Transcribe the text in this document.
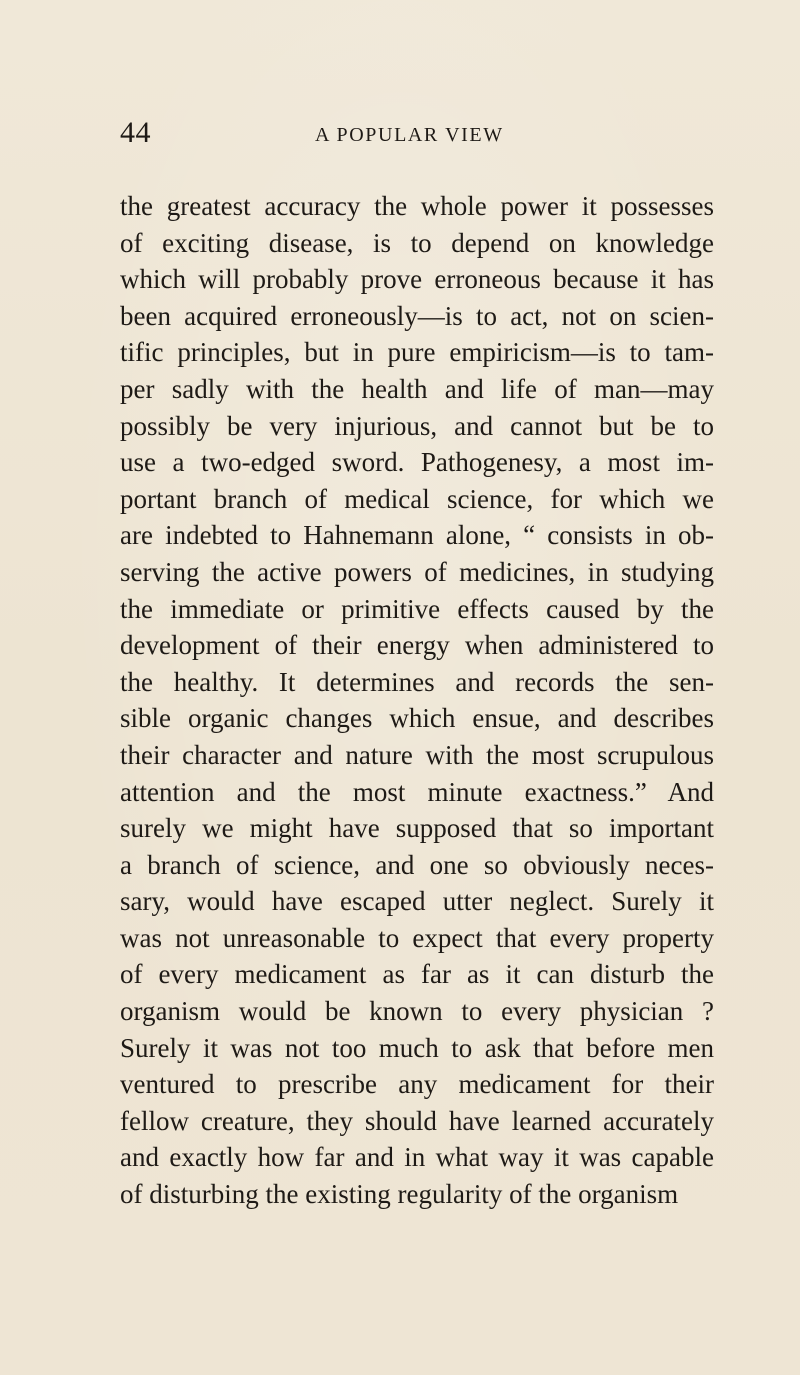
44	A POPULAR VIEW
the greatest accuracy the whole power it possesses
of exciting disease, is to depend on knowledge
which will probably prove erroneous because it has
been acquired erroneously—is to act, not on scien-
tific principles, but in pure empiricism—is to tam-
per sadly with the health and life of man—may
possibly be very injurious, and cannot but be to
use a two-edged sword. Pathogenesy, a most im-
portant branch of medical science, for which we
are indebted to Hahnemann alone, “ consists in ob-
serving the active powers of medicines, in studying
the immediate or primitive effects caused by the
development of their energy when administered to
the healthy. It determines and records the sen-
sible organic changes which ensue, and describes
their character and nature with the most scrupulous
attention and the most minute exactness.” And
surely we might have supposed that so important
a branch of science, and one so obviously neces-
sary, would have escaped utter neglect. Surely it
was not unreasonable to expect that every property
of every medicament as far as it can disturb the
organism would be known to every physician ?
Surely it was not too much to ask that before men
ventured to prescribe any medicament for their
fellow creature, they should have learned accurately
and exactly how far and in what way it was capable
of disturbing the existing regularity of the organism
